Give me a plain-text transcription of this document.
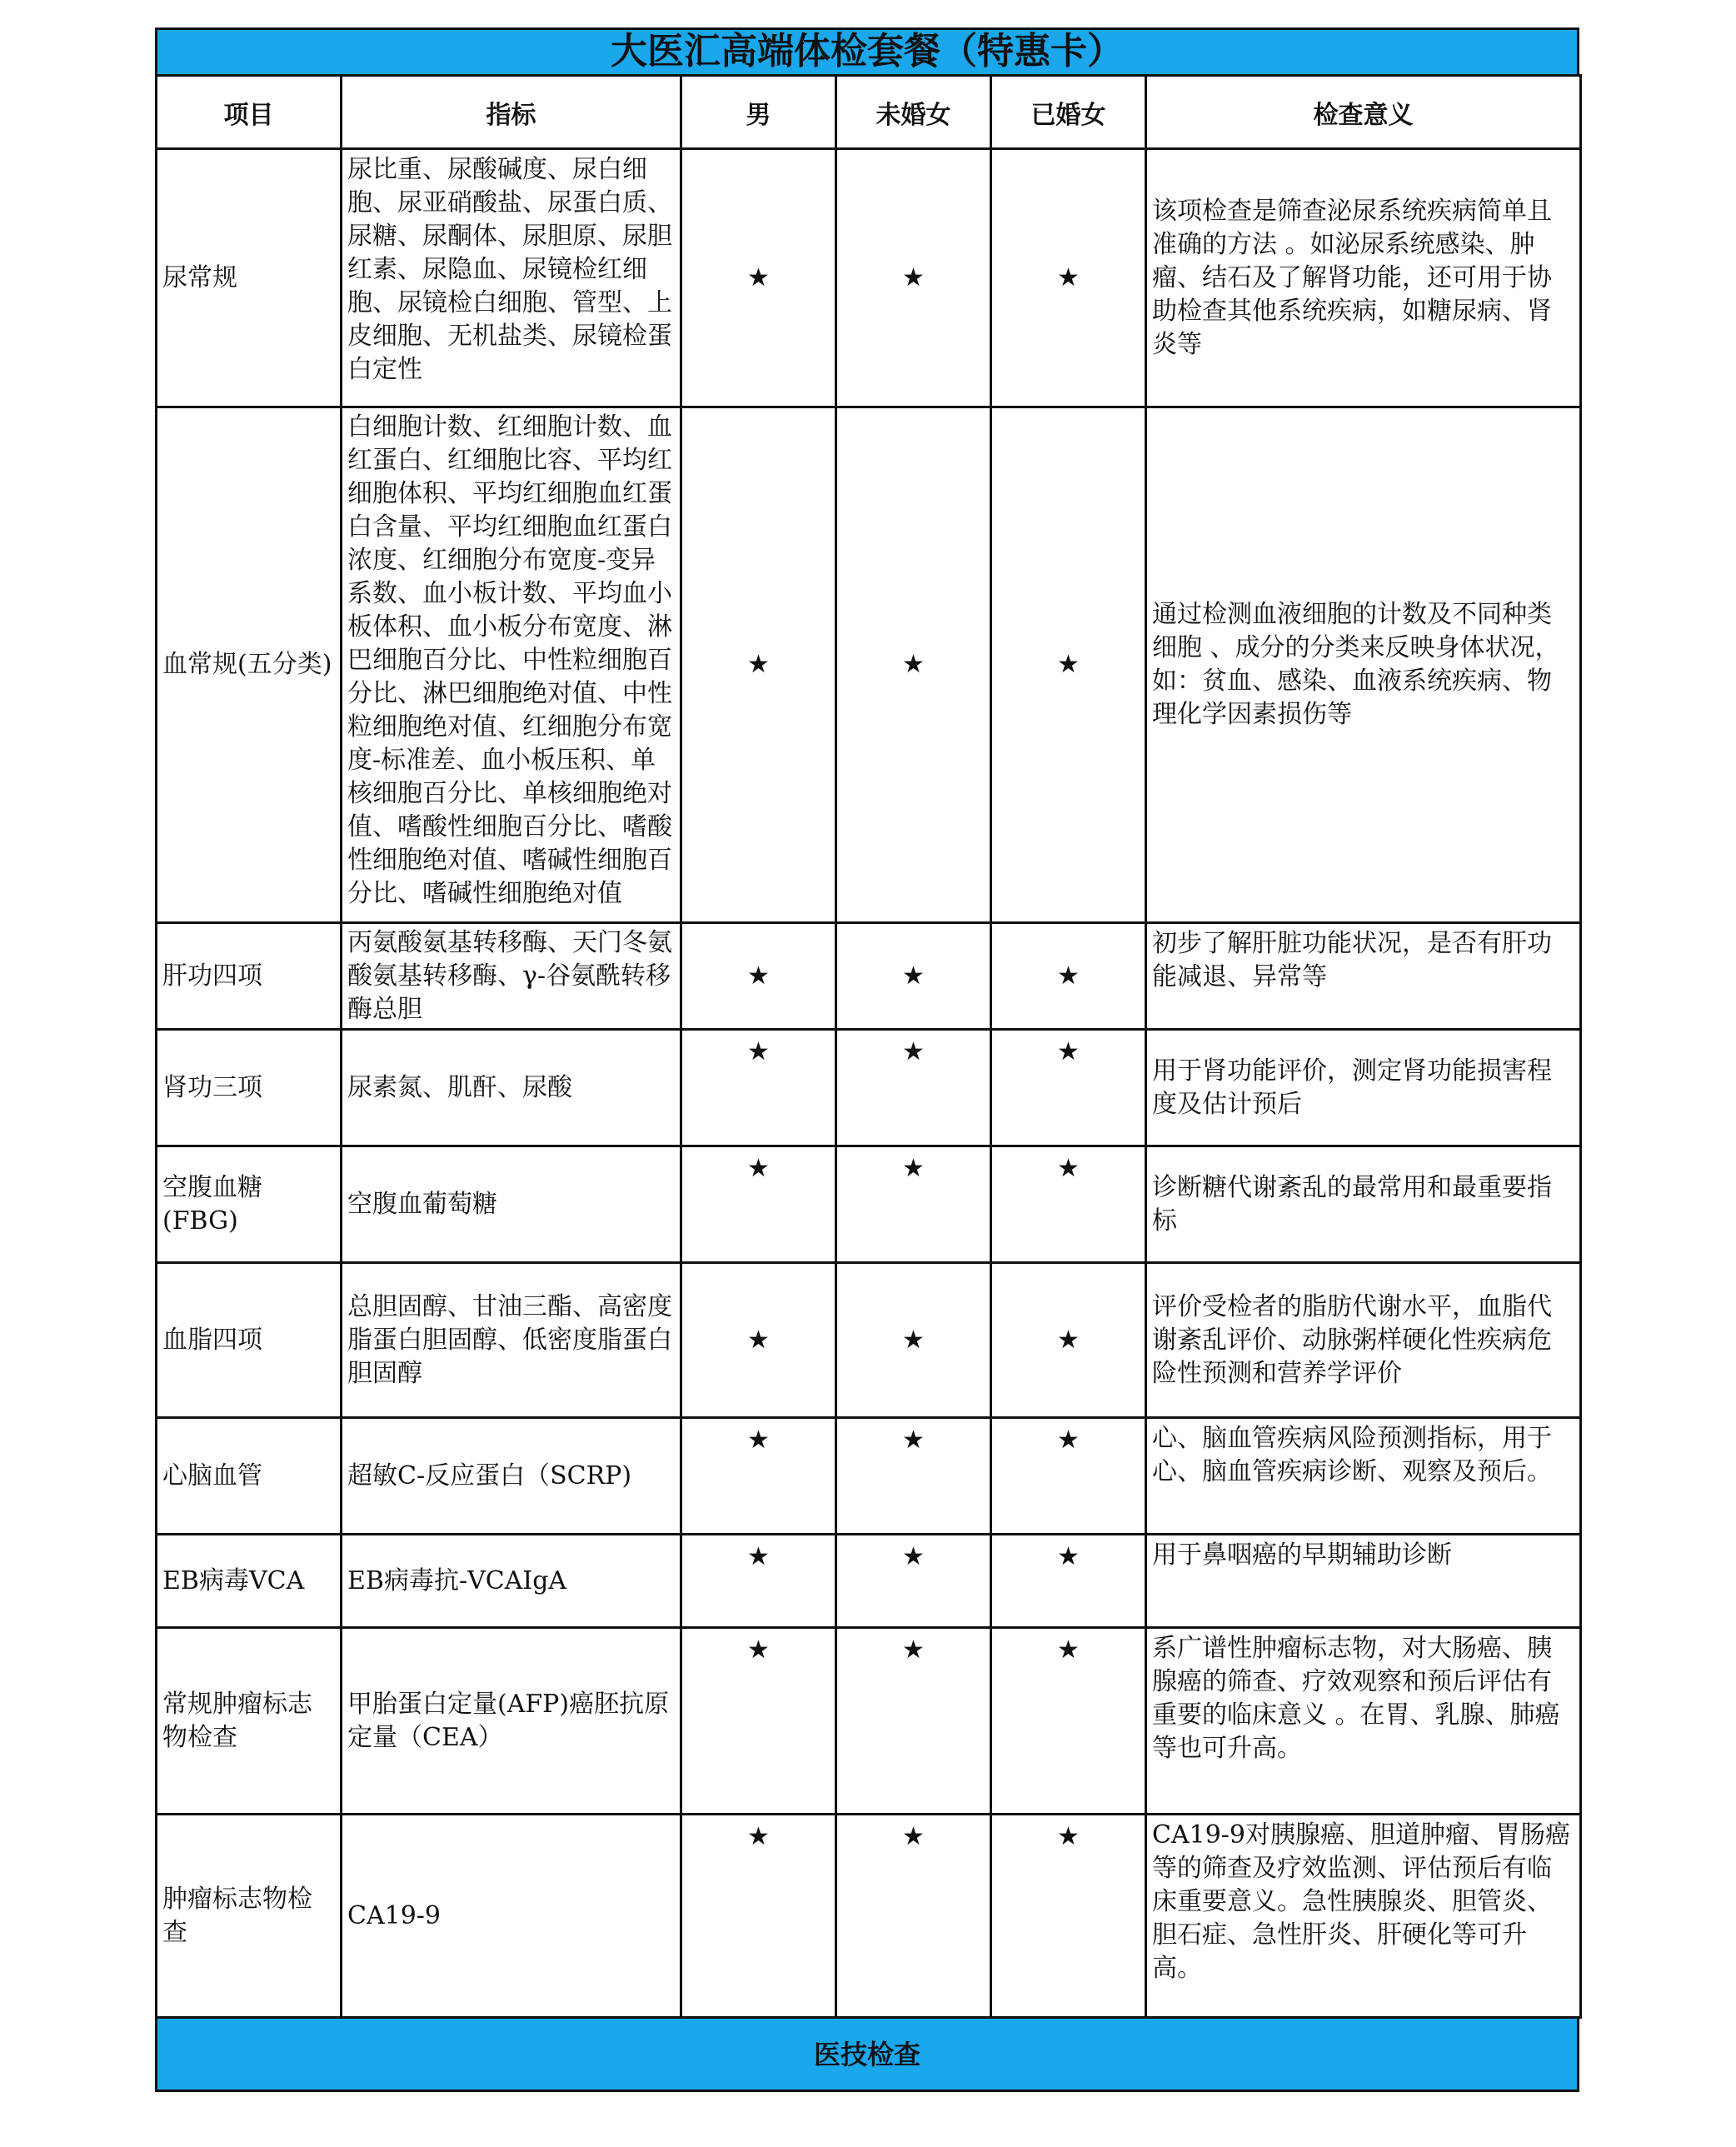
大医汇高端体检套餐（特惠卡）
项目	指标	男	未婚女	已婚女	检查意义
尿常规	尿比重、尿酸碱度、尿白细胞、尿亚硝酸盐、尿蛋白质、尿糖、尿酮体、尿胆原、尿胆红素、尿隐血、尿镜检红细胞、尿镜检白细胞、管型、上皮细胞、无机盐类、尿镜检蛋白定性	★	★	★	该项检查是筛查泌尿系统疾病简单且准确的方法 。如泌尿系统感染、肿瘤、结石及了解肾功能，还可用于协助检查其他系统疾病，如糖尿病、肾炎等
血常规(五分类)	白细胞计数、红细胞计数、血红蛋白、红细胞比容、平均红细胞体积、平均红细胞血红蛋白含量、平均红细胞血红蛋白浓度、红细胞分布宽度-变异系数、血小板计数、平均血小板体积、血小板分布宽度、淋巴细胞百分比、中性粒细胞百分比、淋巴细胞绝对值、中性粒细胞绝对值、红细胞分布宽度-标准差、血小板压积、单核细胞百分比、单核细胞绝对值、嗜酸性细胞百分比、嗜酸性细胞绝对值、嗜碱性细胞百分比、嗜碱性细胞绝对值	★	★	★	通过检测血液细胞的计数及不同种类细胞 、成分的分类来反映身体状况，如：贫血、感染、血液系统疾病、物理化学因素损伤等
肝功四项	丙氨酸氨基转移酶、天门冬氨酸氨基转移酶、γ-谷氨酰转移酶总胆	★	★	★	初步了解肝脏功能状况，是否有肝功能减退、异常等
肾功三项	尿素氮、肌酐、尿酸	★	★	★	用于肾功能评价，测定肾功能损害程度及估计预后
空腹血糖(FBG)	空腹血葡萄糖	★	★	★	诊断糖代谢紊乱的最常用和最重要指标
血脂四项	总胆固醇、甘油三酯、高密度脂蛋白胆固醇、低密度脂蛋白胆固醇	★	★	★	评价受检者的脂肪代谢水平，血脂代谢紊乱评价、动脉粥样硬化性疾病危险性预测和营养学评价
心脑血管	超敏C-反应蛋白（SCRP)	★	★	★	心、脑血管疾病风险预测指标，用于心、脑血管疾病诊断、观察及预后。
EB病毒VCA	EB病毒抗-VCAIgA	★	★	★	用于鼻咽癌的早期辅助诊断
常规肿瘤标志物检查	甲胎蛋白定量(AFP)癌胚抗原定量（CEA）	★	★	★	系广谱性肿瘤标志物，对大肠癌、胰腺癌的筛查、疗效观察和预后评估有重要的临床意义 。在胃、乳腺、肺癌等也可升高。
肿瘤标志物检查	CA19-9	★	★	★	CA19-9对胰腺癌、胆道肿瘤、胃肠癌等的筛查及疗效监测、评估预后有临床重要意义。急性胰腺炎、胆管炎、胆石症、急性肝炎、肝硬化等可升高。
医技检查
